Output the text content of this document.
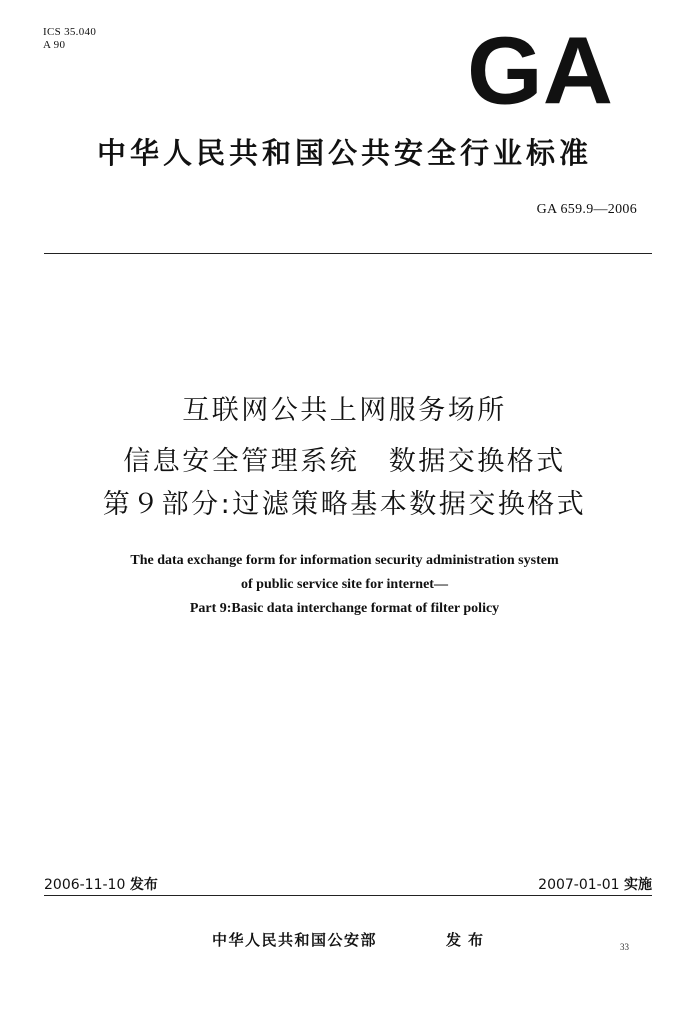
ICS 35.040
A 90	GA
中华人民共和国公共安全行业标准
GA 659.9—2006
互联网公共上网服务场所
信息安全管理系统　数据交换格式
第９部分:过滤策略基本数据交换格式
The data exchange form for information security administration system
of public service site for internet—
Part 9:Basic data interchange format of filter policy
2006-11-10 发布	2007-01-01 实施
中华人民共和国公安部	发布	33
